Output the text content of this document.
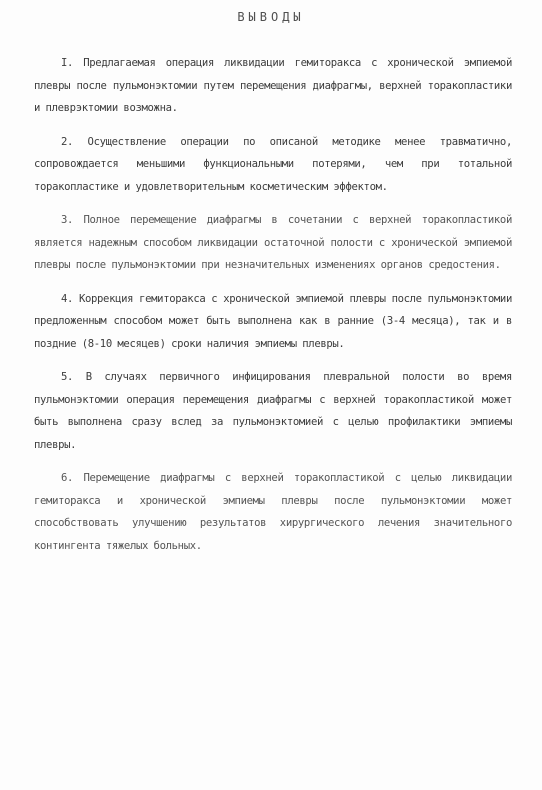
ВЫВОДЫ

I. Предлагаемая операция ликвидации гемиторакса с хронической эмпиемой плевры после пульмонэктомии путем перемещения диафрагмы, верхней торакопластики и плеврэктомии возможна.

2. Осуществление операции по описаной методике менее травматично, сопровождается меньшими функциональными потерями, чем при тотальной торакопластике и удовлетворительным косметическим эффектом.

3. Полное перемещение диафрагмы в сочетании с верхней торакопластикой является надежным способом ликвидации остаточной полости с хронической эмпиемой плевры после пульмонэктомии при незначительных изменениях органов средостения.

4. Коррекция гемиторакса с хронической эмпиемой плевры после пульмонэктомии предложенным способом может быть выполнена как в ранние (3-4 месяца), так и в поздние (8-10 месяцев) сроки наличия эмпиемы плевры.

5. В случаях первичного инфицирования плевральной полости во время пульмонэктомии операция перемещения диафрагмы с верхней торакопластикой может быть выполнена сразу вслед за пульмонэктомией с целью профилактики эмпиемы плевры.

6. Перемещение диафрагмы с верхней торакопластикой с целью ликвидации гемиторакса и хронической эмпиемы плевры после пульмонэктомии может способствовать улучшению результатов хирургического лечения значительного контингента тяжелых больных.
